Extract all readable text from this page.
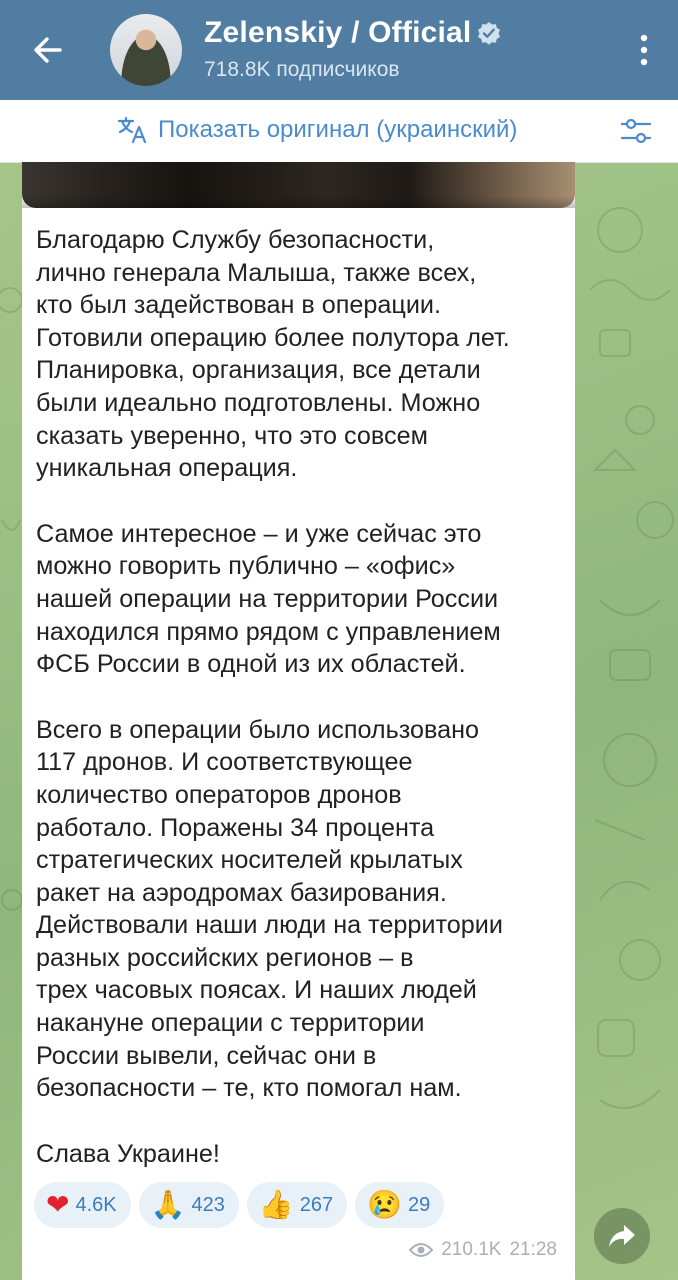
Zelenskiy / Official
718.8K подписчиков
Показать оригинал (украинский)

Благодарю Службу безопасности,
лично генерала Малыша, также всех,
кто был задействован в операции.
Готовили операцию более полутора лет.
Планировка, организация, все детали
были идеально подготовлены. Можно
сказать уверенно, что это совсем
уникальная операция.

Самое интересное – и уже сейчас это
можно говорить публично – «офис»
нашей операции на территории России
находился прямо рядом с управлением
ФСБ России в одной из их областей.

Всего в операции было использовано
117 дронов. И соответствующее
количество операторов дронов
работало. Поражены 34 процента
стратегических носителей крылатых
ракет на аэродромах базирования.
Действовали наши люди на территории
разных российских регионов – в
трех часовых поясах. И наших людей
накануне операции с территории
России вывели, сейчас они в
безопасности – те, кто помогал нам.

Слава Украине!

❤ 4.6K 🙏 423 👍 267 😢 29
210.1K 21:28
